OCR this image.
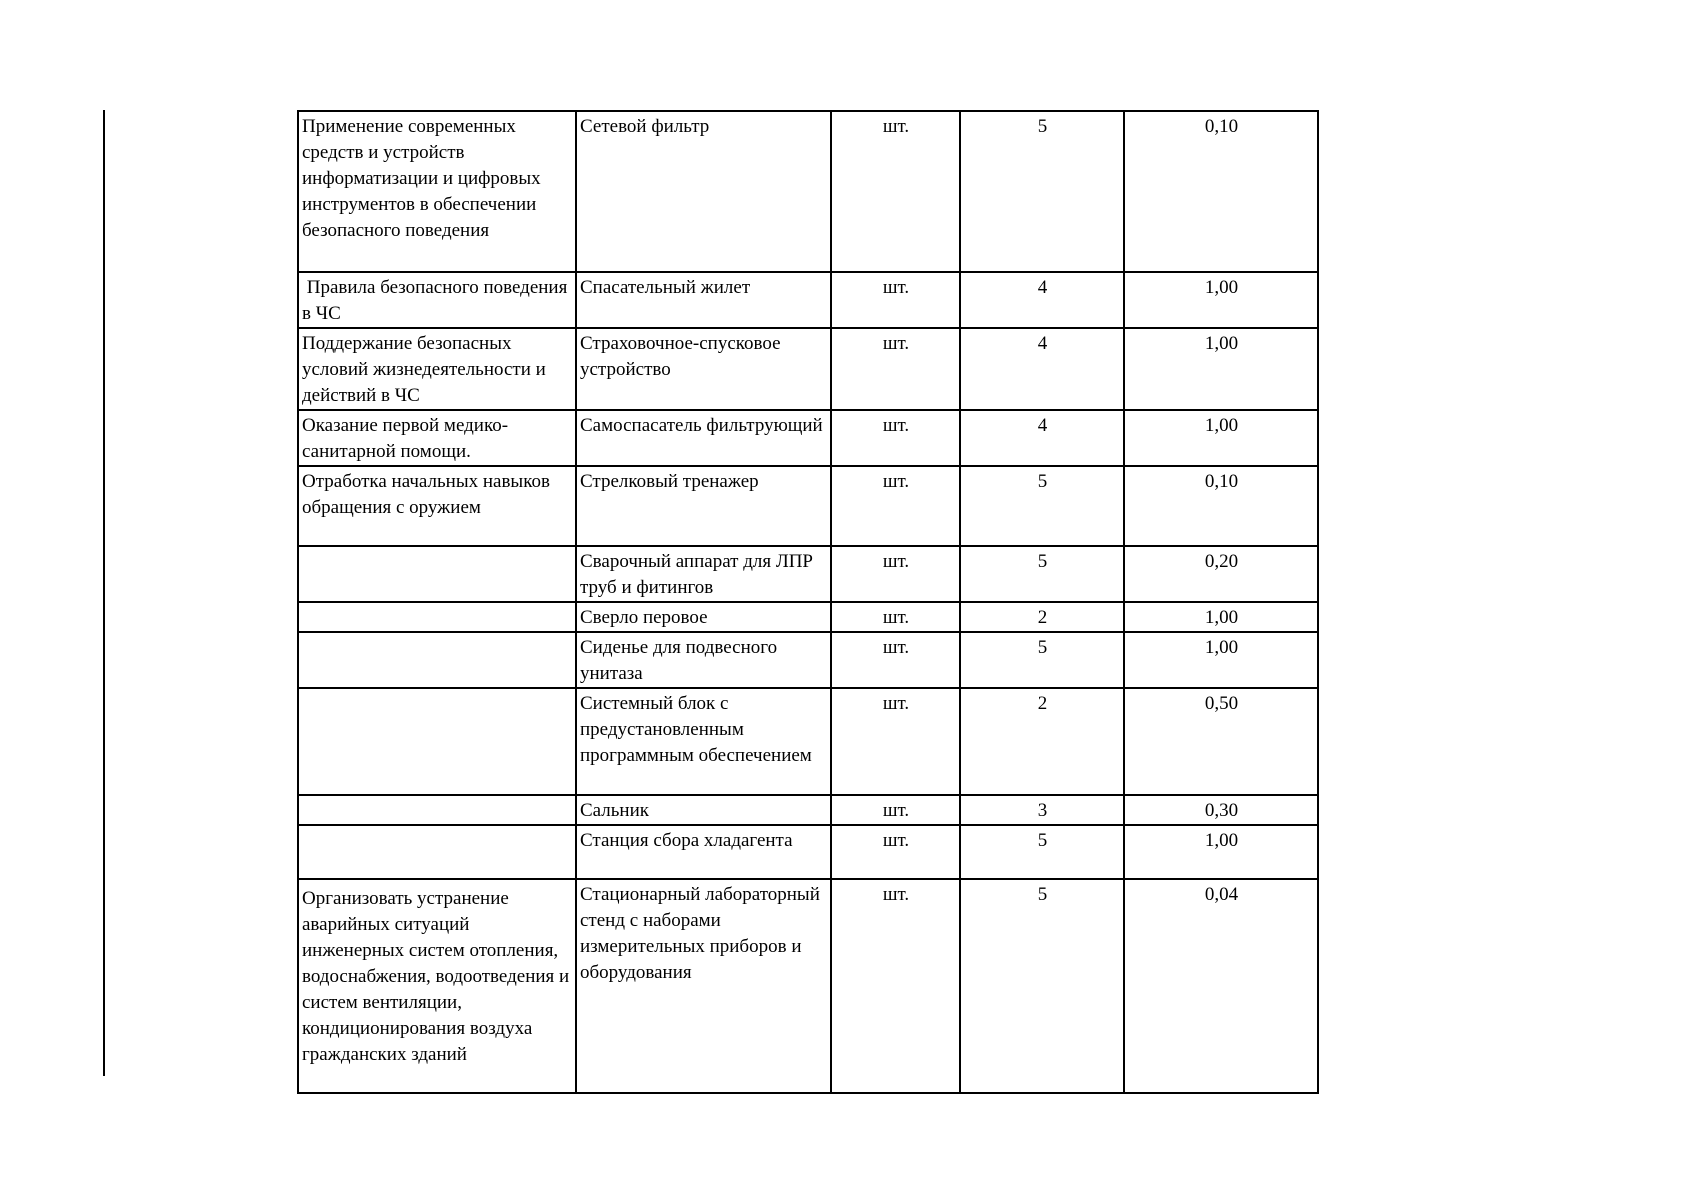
Применение современных средств и устройств информатизации и цифровых инструментов в обеспечении безопасного поведения	Сетевой фильтр	шт.	5	0,10
Правила безопасного поведения в ЧС	Спасательный жилет	шт.	4	1,00
Поддержание безопасных условий жизнедеятельности и действий в ЧС	Страховочное-спусковое устройство	шт.	4	1,00
Оказание первой медико-санитарной помощи.	Самоспасатель фильтрующий	шт.	4	1,00
Отработка начальных навыков обращения с оружием	Стрелковый тренажер	шт.	5	0,10
	Сварочный аппарат для ЛПР труб и фитингов	шт.	5	0,20
	Сверло перовое	шт.	2	1,00
	Сиденье для подвесного унитаза	шт.	5	1,00
	Системный блок с предустановленным программным обеспечением	шт.	2	0,50
	Сальник	шт.	3	0,30
	Станция сбора хладагента	шт.	5	1,00
Организовать устранение аварийных ситуаций инженерных систем отопления, водоснабжения, водоотведения и систем вентиляции, кондиционирования воздуха гражданских зданий	Стационарный лабораторный стенд с наборами измерительных приборов и оборудования	шт.	5	0,04
